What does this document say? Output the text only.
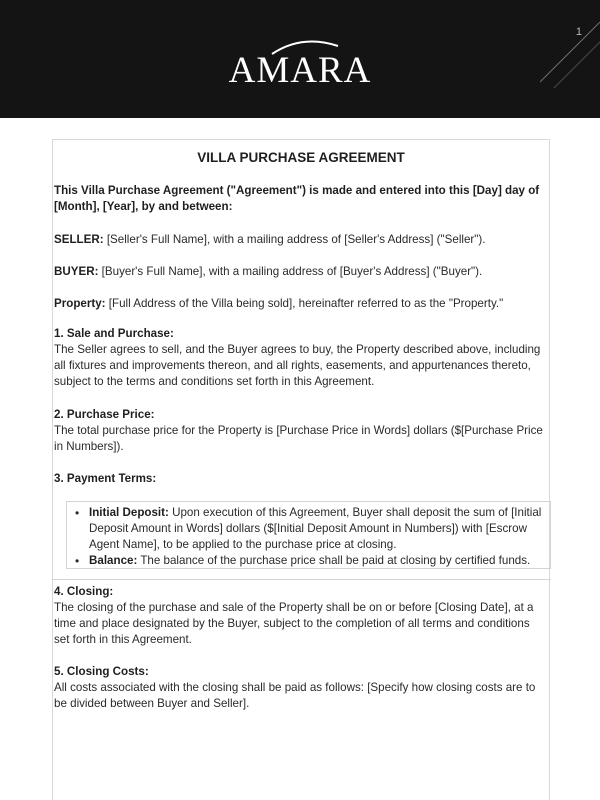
AMARA
1
VILLA PURCHASE AGREEMENT
This Villa Purchase Agreement ("Agreement") is made and entered into this [Day] day of [Month], [Year], by and between:
SELLER: [Seller's Full Name], with a mailing address of [Seller's Address] ("Seller").
BUYER: [Buyer's Full Name], with a mailing address of [Buyer's Address] ("Buyer").
Property: [Full Address of the Villa being sold], hereinafter referred to as the "Property."
1. Sale and Purchase:
The Seller agrees to sell, and the Buyer agrees to buy, the Property described above, including all fixtures and improvements thereon, and all rights, easements, and appurtenances thereto, subject to the terms and conditions set forth in this Agreement.
2. Purchase Price:
The total purchase price for the Property is [Purchase Price in Words] dollars ($[Purchase Price in Numbers]).
3. Payment Terms:
• Initial Deposit: Upon execution of this Agreement, Buyer shall deposit the sum of [Initial Deposit Amount in Words] dollars ($[Initial Deposit Amount in Numbers]) with [Escrow Agent Name], to be applied to the purchase price at closing.
• Balance: The balance of the purchase price shall be paid at closing by certified funds.
4. Closing:
The closing of the purchase and sale of the Property shall be on or before [Closing Date], at a time and place designated by the Buyer, subject to the completion of all terms and conditions set forth in this Agreement.
5. Closing Costs:
All costs associated with the closing shall be paid as follows: [Specify how closing costs are to be divided between Buyer and Seller].
